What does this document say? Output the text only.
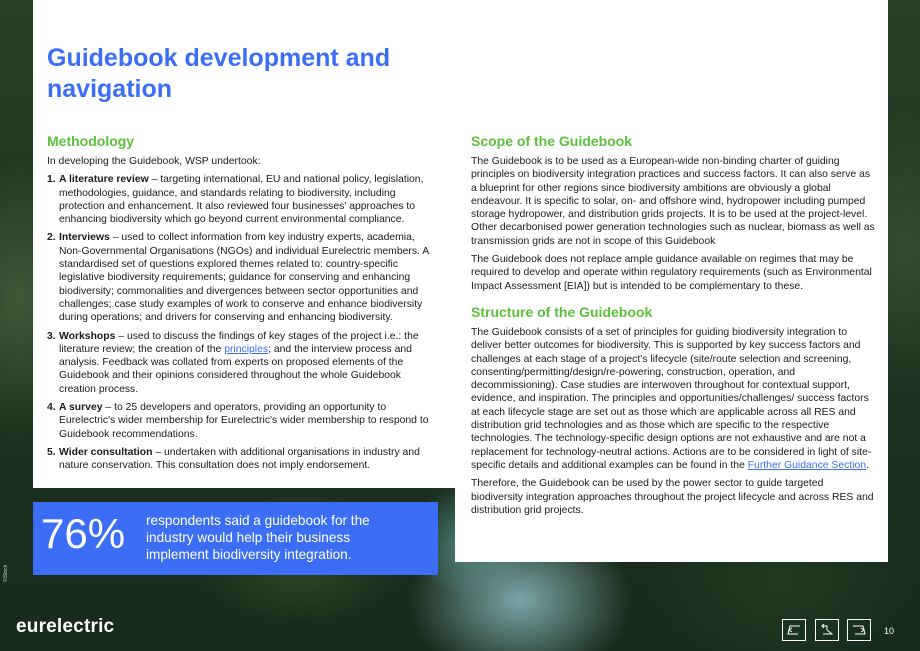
Guidebook development and navigation
Methodology

In developing the Guidebook, WSP undertook:

1. A literature review – targeting international, EU and national policy, legislation, methodologies, guidance, and standards relating to biodiversity, including protection and enhancement. It also reviewed four businesses' approaches to enhancing biodiversity which go beyond current environmental compliance.
2. Interviews – used to collect information from key industry experts, academia, Non-Governmental Organisations (NGOs) and individual Eurelectric members. A standardised set of questions explored themes related to: country-specific legislative biodiversity requirements; guidance for conserving and enhancing biodiversity; commonalities and divergences between sector opportunities and challenges; case study examples of work to conserve and enhance biodiversity during operations; and drivers for conserving and enhancing biodiversity.
3. Workshops – used to discuss the findings of key stages of the project i.e.: the literature review; the creation of the principles; and the interview process and analysis. Feedback was collated from experts on proposed elements of the Guidebook and their opinions considered throughout the whole Guidebook creation process.
4. A survey – to 25 developers and operators, providing an opportunity to Eurelectric's wider membership for Eurelectric's wider membership to respond to Guidebook recommendations.
5. Wider consultation – undertaken with additional organisations in industry and nature conservation. This consultation does not imply endorsement.
76% respondents said a guidebook for the industry would help their business implement biodiversity integration.
Scope of the Guidebook

The Guidebook is to be used as a European-wide non-binding charter of guiding principles on biodiversity integration practices and success factors. It can also serve as a blueprint for other regions since biodiversity ambitions are obviously a global endeavour. It is specific to solar, on- and offshore wind, hydropower including pumped storage hydropower, and distribution grids projects. It is to be used at the project-level. Other decarbonised power generation technologies such as nuclear, biomass as well as transmission grids are not in scope of this Guidebook

The Guidebook does not replace ample guidance available on regimes that may be required to develop and operate within regulatory requirements (such as Environmental Impact Assessment [EIA]) but is intended to be complementary to these.

Structure of the Guidebook

The Guidebook consists of a set of principles for guiding biodiversity integration to deliver better outcomes for biodiversity. This is supported by key success factors and challenges at each stage of a project's lifecycle (site/route selection and screening, consenting/permitting/design/re-powering, construction, operation, and decommissioning). Case studies are interwoven throughout for contextual support, evidence, and inspiration. The principles and opportunities/challenges/ success factors at each lifecycle stage are set out as those which are applicable across all RES and distribution grid technologies and as those which are specific to the respective technologies. The technology-specific design options are not exhaustive and are not a replacement for technology-neutral actions. Actions are to be considered in light of site-specific details and additional examples can be found in the Further Guidance Section.

Therefore, the Guidebook can be used by the power sector to guide targeted biodiversity integration approaches throughout the project lifecycle and across RES and distribution grid projects.

©iStock
eurelectric	10
